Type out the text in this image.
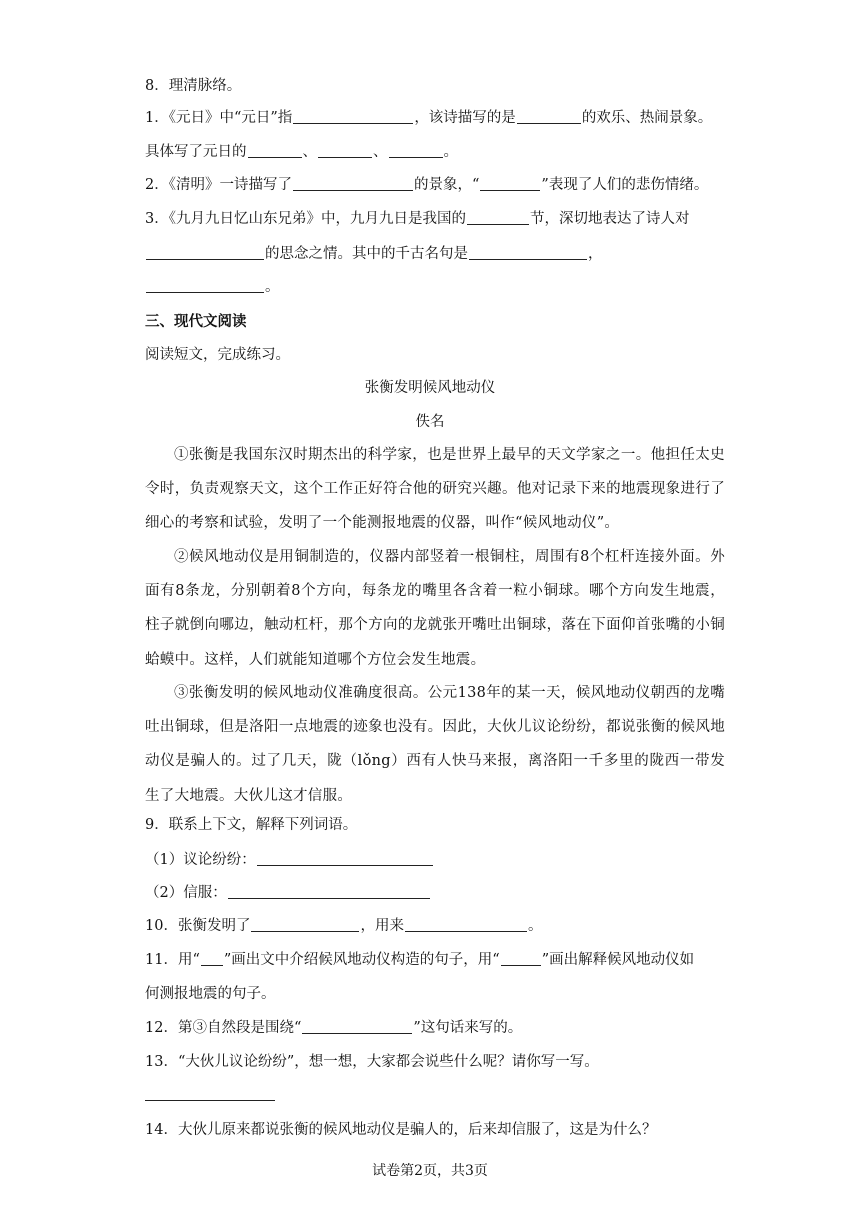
8．理清脉络。
1．《元日》中“元日”指	，该诗描写的是	的欢乐、热闹景象。
具体写了元日的	、	、	。
2．《清明》一诗描写了	的景象，“	”表现了人们的悲伤情绪。
3．《九月九日忆山东兄弟》中，九月九日是我国的	节，深切地表达了诗人对
的思念之情。其中的千古名句是	，
。
三、现代文阅读
阅读短文，完成练习。
张衡发明候风地动仪
佚名
①张衡是我国东汉时期杰出的科学家，也是世界上最早的天文学家之一。他担任太史令时，负责观察天文，这个工作正好符合他的研究兴趣。他对记录下来的地震现象进行了细心的考察和试验，发明了一个能测报地震的仪器，叫作“候风地动仪”。
②候风地动仪是用铜制造的，仪器内部竖着一根铜柱，周围有8个杠杆连接外面。外面有8条龙，分别朝着8个方向，每条龙的嘴里各含着一粒小铜球。哪个方向发生地震，柱子就倒向哪边，触动杠杆，那个方向的龙就张开嘴吐出铜球，落在下面仰首张嘴的小铜蛤蟆中。这样，人们就能知道哪个方位会发生地震。
③张衡发明的候风地动仪准确度很高。公元138年的某一天，候风地动仪朝西的龙嘴吐出铜球，但是洛阳一点地震的迹象也没有。因此，大伙儿议论纷纷，都说张衡的候风地动仪是骗人的。过了几天，陇（lǒng）西有人快马来报，离洛阳一千多里的陇西一带发生了大地震。大伙儿这才信服。
9．联系上下文，解释下列词语。
（1）议论纷纷：
（2）信服：
10．张衡发明了	，用来	。
11．用“ ”画出文中介绍候风地动仪构造的句子，用“	”画出解释候风地动仪如
何测报地震的句子。
12．第③自然段是围绕“	”这句话来写的。
13．“大伙儿议论纷纷”，想一想，大家都会说些什么呢？请你写一写。
14．大伙儿原来都说张衡的候风地动仪是骗人的，后来却信服了，这是为什么？
试卷第2页，共3页
